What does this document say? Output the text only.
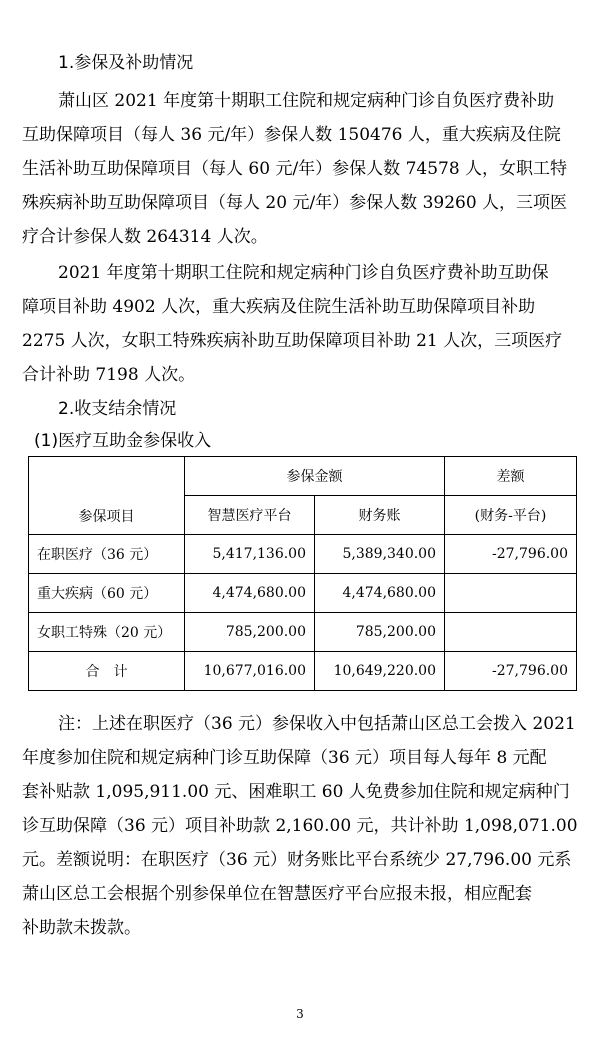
1.参保及补助情况
萧山区 2021 年度第十期职工住院和规定病种门诊自负医疗费补助
互助保障项目（每人 36 元/年）参保人数 150476 人，重大疾病及住院
生活补助互助保障项目（每人 60 元/年）参保人数 74578 人，女职工特
殊疾病补助互助保障项目（每人 20 元/年）参保人数 39260 人，三项医
疗合计参保人数 264314 人次。
2021 年度第十期职工住院和规定病种门诊自负医疗费补助互助保
障项目补助 4902 人次，重大疾病及住院生活补助互助保障项目补助
2275 人次，女职工特殊疾病补助互助保障项目补助 21 人次，三项医疗
合计补助 7198 人次。
2.收支结余情况
(1)医疗互助金参保收入
参保项目	参保金额		差额
	智慧医疗平台	财务账	(财务-平台)
在职医疗（36 元）	5,417,136.00	5,389,340.00	-27,796.00
重大疾病（60 元）	4,474,680.00	4,474,680.00	
女职工特殊（20 元）	785,200.00	785,200.00	
合　计	10,677,016.00	10,649,220.00	-27,796.00
注：上述在职医疗（36 元）参保收入中包括萧山区总工会拨入 2021
年度参加住院和规定病种门诊互助保障（36 元）项目每人每年 8 元配
套补贴款 1,095,911.00 元、困难职工 60 人免费参加住院和规定病种门
诊互助保障（36 元）项目补助款 2,160.00 元，共计补助 1,098,071.00
元。差额说明：在职医疗（36 元）财务账比平台系统少 27,796.00 元系
萧山区总工会根据个别参保单位在智慧医疗平台应报未报，相应配套
补助款未拨款。
3
